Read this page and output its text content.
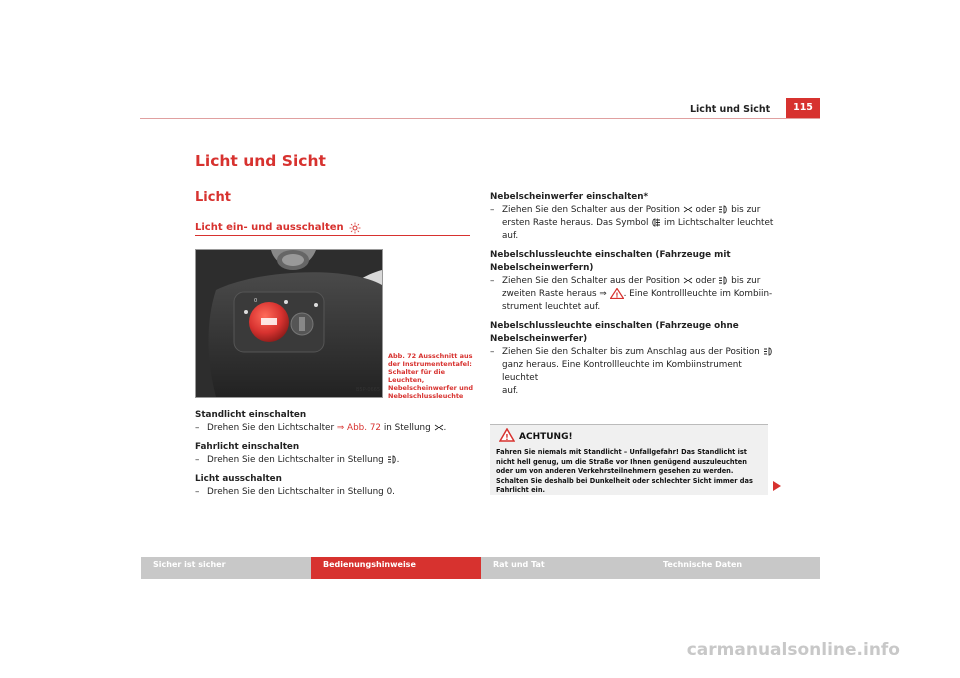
Licht und Sicht	115
Licht und Sicht
Licht
Licht ein- und ausschalten
0
B5P-0665
Abb. 72 Ausschnitt aus der Instrumententafel: Schalter für die Leuchten, Nebelscheinwerfer und Nebelschlussleuchte
Standlicht einschalten
– Drehen Sie den Lichtschalter ⇒ Abb. 72 in Stellung .
Fahrlicht einschalten
– Drehen Sie den Lichtschalter in Stellung .
Licht ausschalten
– Drehen Sie den Lichtschalter in Stellung 0.
Nebelscheinwerfer einschalten*
– Ziehen Sie den Schalter aus der Position  oder  bis zur
ersten Raste heraus. Das Symbol  im Lichtschalter leuchtet
auf.
Nebelschlussleuchte einschalten (Fahrzeuge mit
Nebelscheinwerfern)
– Ziehen Sie den Schalter aus der Position  oder  bis zur
zweiten Raste heraus ⇒ ! . Eine Kontrollleuchte im Kombiin-
strument leuchtet auf.
Nebelschlussleuchte einschalten (Fahrzeuge ohne
Nebelscheinwerfer)
– Ziehen Sie den Schalter bis zum Anschlag aus der Position
ganz heraus. Eine Kontrollleuchte im Kombiinstrument leuchtet
auf.
! ACHTUNG!
Fahren Sie niemals mit Standlicht – Unfallgefahr! Das Standlicht ist nicht hell genug, um die Straße vor Ihnen genügend auszuleuchten oder um von anderen Verkehrsteilnehmern gesehen zu werden. Schalten Sie deshalb bei Dunkelheit oder schlechter Sicht immer das Fahrlicht ein.
Sicher ist sicher	Bedienungshinweise	Rat und Tat	Technische Daten
carmanualsonline.info
